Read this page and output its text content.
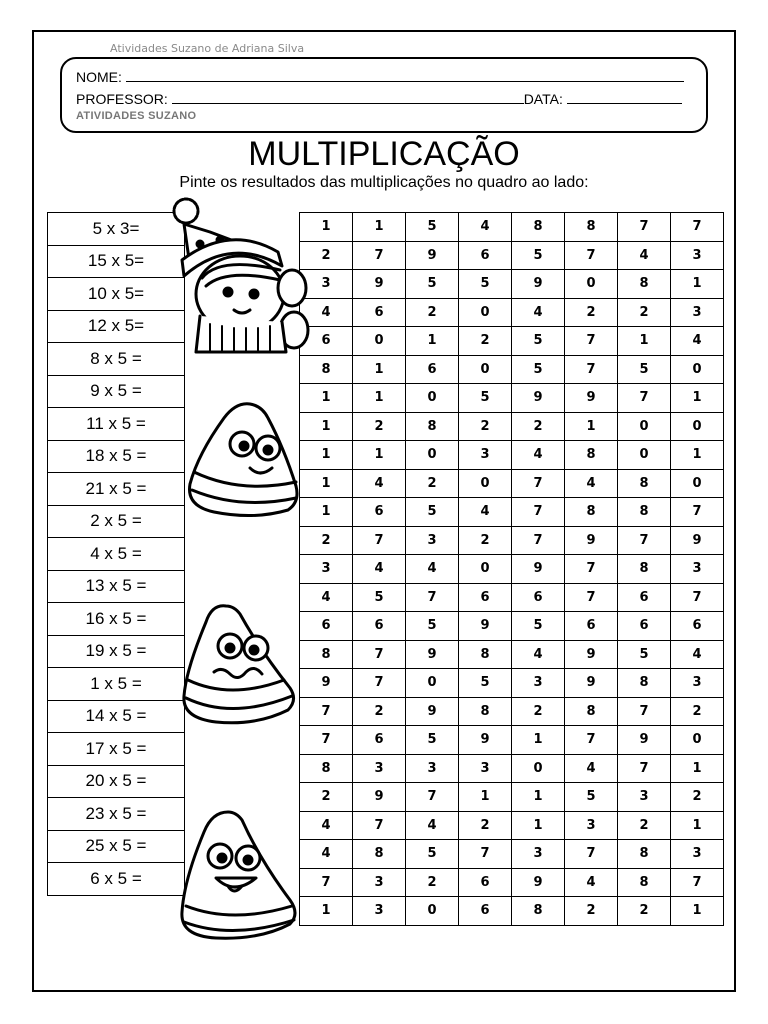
Atividades Suzano de Adriana Silva
NOME:
PROFESSOR:	DATA:
ATIVIDADES SUZANO
MULTIPLICAÇÃO
Pinte os resultados das multiplicações no quadro ao lado:
5 x 3=
15 x 5=
10 x 5=
12 x 5=
8 x 5 =
9 x 5 =
11 x 5 =
18 x 5 =
21 x 5 =
2 x 5 =
4 x 5 =
13 x 5 =
16 x 5 =
19 x 5 =
1 x 5 =
14 x 5 =
17 x 5 =
20 x 5 =
23 x 5 =
25 x 5 =
6 x 5 =
1	1	5	4	8	8	7	7
2	7	9	6	5	7	4	3
3	9	5	5	9	0	8	1
4	6	2	0	4	2	2	3
6	0	1	2	5	7	1	4
8	1	6	0	5	7	5	0
1	1	0	5	9	9	7	1
1	2	8	2	2	1	0	0
1	1	0	3	4	8	0	1
1	4	2	0	7	4	8	0
1	6	5	4	7	8	8	7
2	7	3	2	7	9	7	9
3	4	4	0	9	7	8	3
4	5	7	6	6	7	6	7
6	6	5	9	5	6	6	6
8	7	9	8	4	9	5	4
9	7	0	5	3	9	8	3
7	2	9	8	2	8	7	2
7	6	5	9	1	7	9	0
8	3	3	3	0	4	7	1
2	9	7	1	1	5	3	2
4	7	4	2	1	3	2	1
4	8	5	7	3	7	8	3
7	3	2	6	9	4	8	7
1	3	0	6	8	2	2	1
